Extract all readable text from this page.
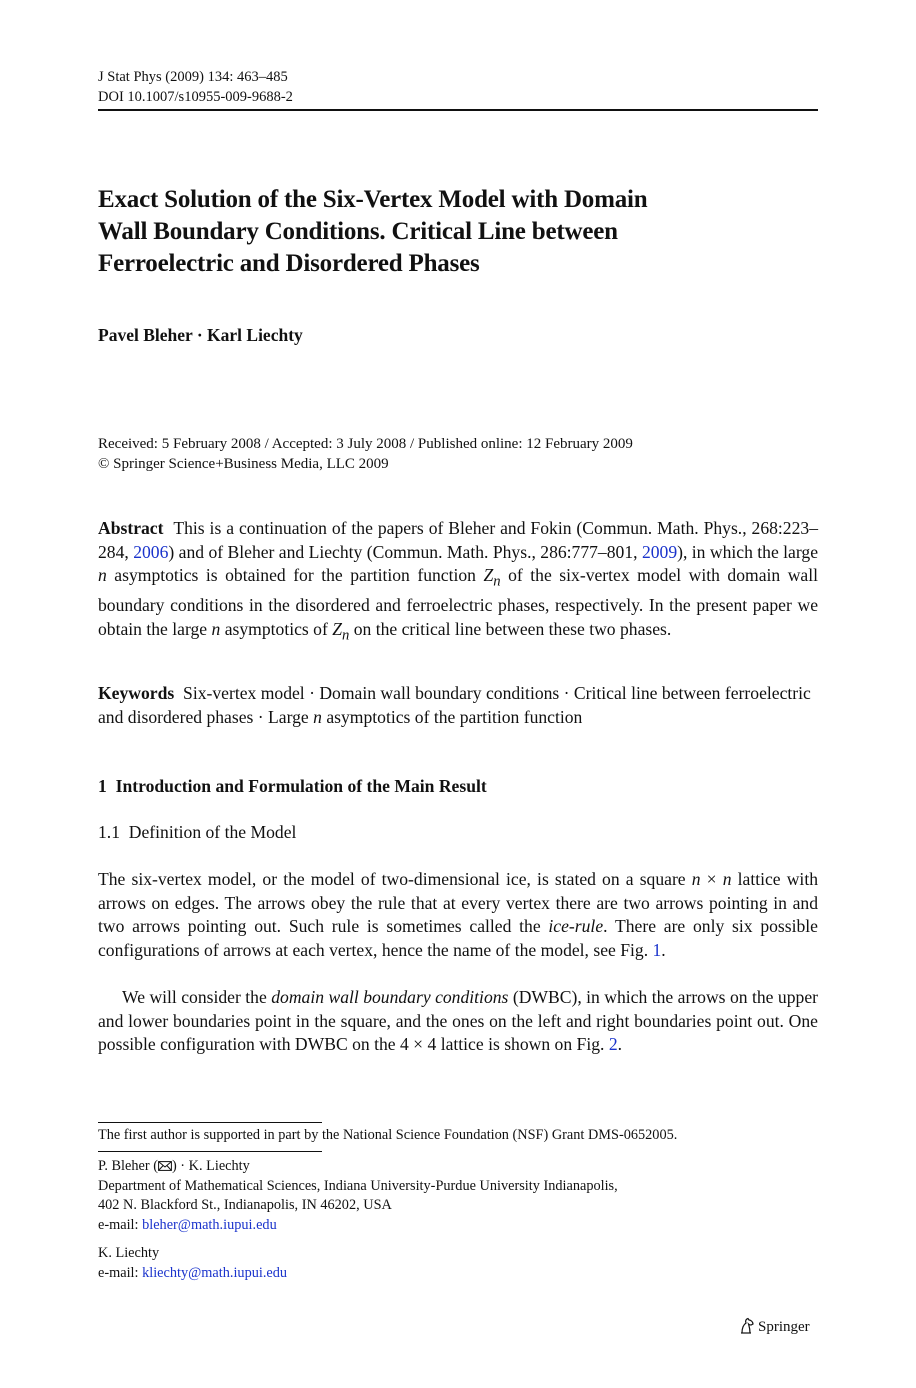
J Stat Phys (2009) 134: 463–485
DOI 10.1007/s10955-009-9688-2
Exact Solution of the Six-Vertex Model with Domain
Wall Boundary Conditions. Critical Line between
Ferroelectric and Disordered Phases
Pavel Bleher · Karl Liechty
Received: 5 February 2008 / Accepted: 3 July 2008 / Published online: 12 February 2009
© Springer Science+Business Media, LLC 2009
Abstract This is a continuation of the papers of Bleher and Fokin (Commun. Math. Phys., 268:223–284, 2006) and of Bleher and Liechty (Commun. Math. Phys., 286:777–801, 2009), in which the large n asymptotics is obtained for the partition function $Z_n$ of the six-vertex model with domain wall boundary conditions in the disordered and ferroelectric phases, respectively. In the present paper we obtain the large n asymptotics of $Z_n$ on the critical line between these two phases.
Keywords Six-vertex model · Domain wall boundary conditions · Critical line between ferroelectric and disordered phases · Large n asymptotics of the partition function
1 Introduction and Formulation of the Main Result
1.1 Definition of the Model
The six-vertex model, or the model of two-dimensional ice, is stated on a square n × n lattice with arrows on edges. The arrows obey the rule that at every vertex there are two arrows pointing in and two arrows pointing out. Such rule is sometimes called the ice-rule. There are only six possible configurations of arrows at each vertex, hence the name of the model, see Fig. 1.
We will consider the domain wall boundary conditions (DWBC), in which the arrows on the upper and lower boundaries point in the square, and the ones on the left and right boundaries point out. One possible configuration with DWBC on the 4 × 4 lattice is shown on Fig. 2.
The first author is supported in part by the National Science Foundation (NSF) Grant DMS-0652005.
P. Bleher ( ) · K. Liechty
Department of Mathematical Sciences, Indiana University-Purdue University Indianapolis,
402 N. Blackford St., Indianapolis, IN 46202, USA
e-mail: bleher@math.iupui.edu
K. Liechty
e-mail: kliechty@math.iupui.edu
Springer
